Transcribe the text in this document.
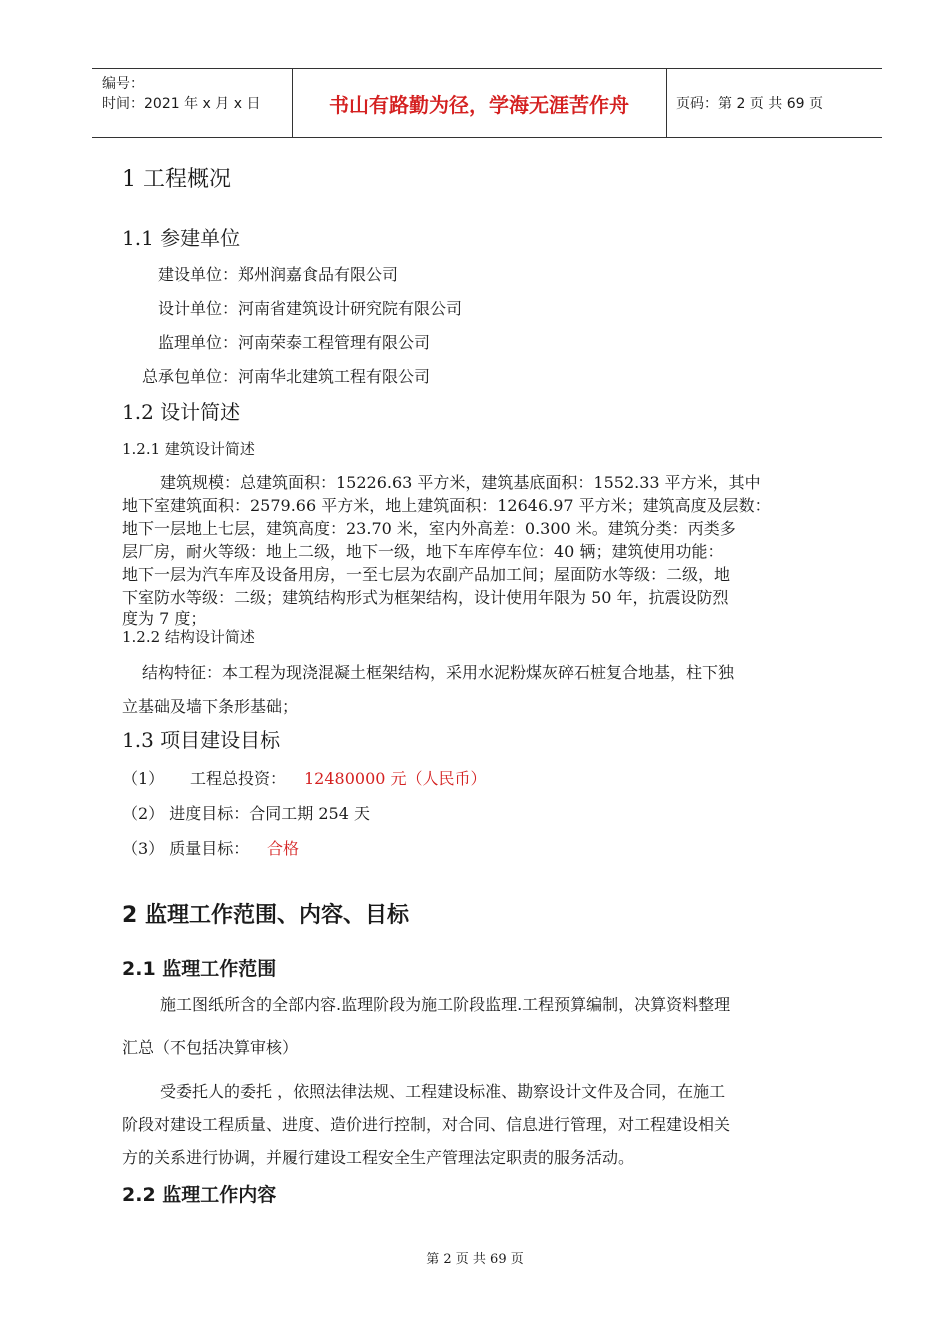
编号：
时间：2021 年 x 月 x 日	书山有路勤为径，学海无涯苦作舟	页码：第 2 页 共 69 页
1 工程概况
1.1 参建单位
建设单位：郑州润嘉食品有限公司
设计单位：河南省建筑设计研究院有限公司
监理单位：河南荣泰工程管理有限公司
总承包单位：河南华北建筑工程有限公司
1.2 设计简述
1.2.1 建筑设计简述
建筑规模：总建筑面积：15226.63 平方米，建筑基底面积：1552.33 平方米，其中
地下室建筑面积：2579.66 平方米，地上建筑面积：12646.97 平方米；建筑高度及层数：
地下一层地上七层，建筑高度：23.70 米，室内外高差：0.300 米。建筑分类：丙类多
层厂房，耐火等级：地上二级，地下一级，地下车库停车位：40 辆；建筑使用功能：
地下一层为汽车库及设备用房，一至七层为农副产品加工间；屋面防水等级：二级，地
下室防水等级：二级；建筑结构形式为框架结构，设计使用年限为 50 年，抗震设防烈
度为 7 度；
1.2.2 结构设计简述
结构特征：本工程为现浇混凝土框架结构，采用水泥粉煤灰碎石桩复合地基，柱下独
立基础及墙下条形基础；
1.3 项目建设目标
（1） 工程总投资： 12480000 元（人民币）
（2） 进度目标：合同工期 254 天
（3） 质量目标： 合格
2 监理工作范围、内容、目标
2.1 监理工作范围
施工图纸所含的全部内容.监理阶段为施工阶段监理.工程预算编制，决算资料整理
汇总（不包括决算审核）
受委托人的委托 ，依照法律法规、工程建设标准、勘察设计文件及合同，在施工
阶段对建设工程质量、进度、造价进行控制，对合同、信息进行管理，对工程建设相关
方的关系进行协调，并履行建设工程安全生产管理法定职责的服务活动。
2.2 监理工作内容
第 2 页 共 69 页
